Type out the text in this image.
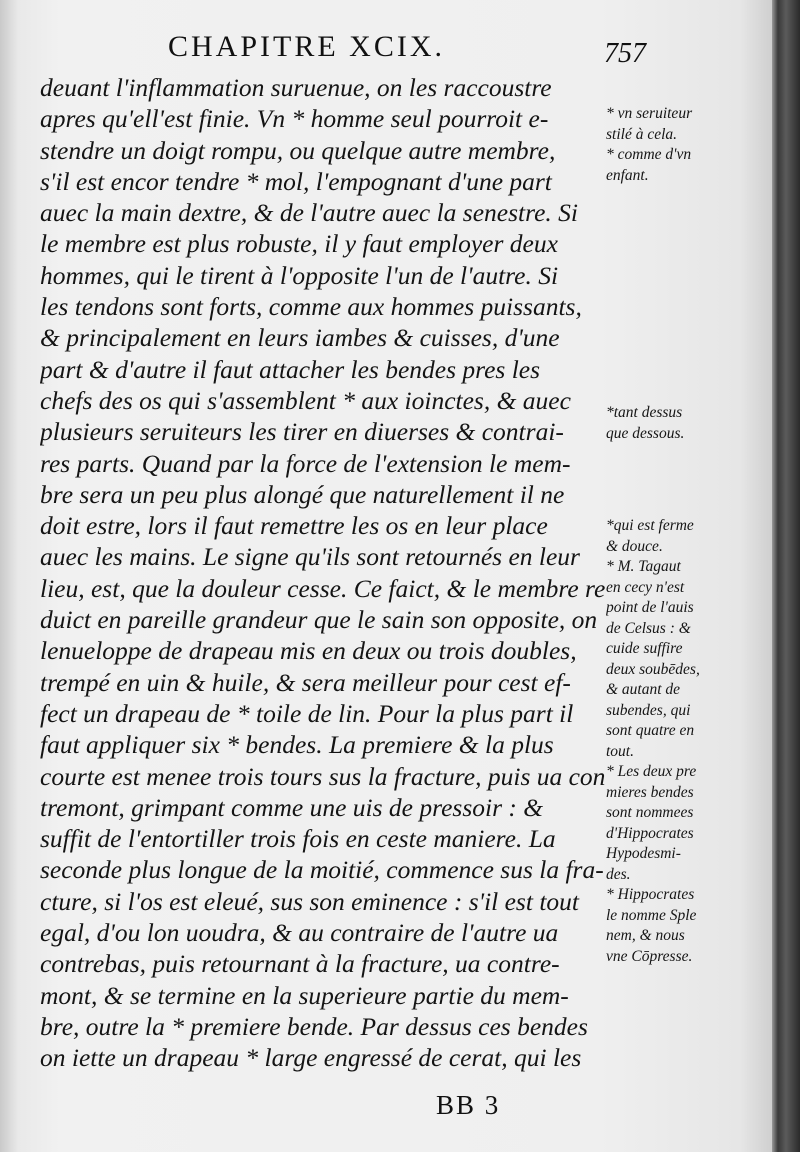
CHAPITRE XCIX.	757
deuant l'inflammation suruenue, on les raccoustre
apres qu'ell'est finie. Vn * homme seul pourroit e-
stendre un doigt rompu, ou quelque autre membre,
s'il est encor tendre * mol, l'empognant d'une part
auec la main dextre, & de l'autre auec la senestre. Si
le membre est plus robuste, il y faut employer deux
hommes, qui le tirent à l'opposite l'un de l'autre. Si
les tendons sont forts, comme aux hommes puissants,
& principalement en leurs iambes & cuisses, d'une
part & d'autre il faut attacher les bendes pres les
chefs des os qui s'assemblent * aux ioinctes, & auec
plusieurs seruiteurs les tirer en diuerses & contrai-
res parts. Quand par la force de l'extension le mem-
bre sera un peu plus alongé que naturellement il ne
doit estre, lors il faut remettre les os en leur place
auec les mains. Le signe qu'ils sont retournés en leur
lieu, est, que la douleur cesse. Ce faict, & le membre re
duict en pareille grandeur que le sain son opposite, on
lenueloppe de drapeau mis en deux ou trois doubles,
trempé en uin & huile, & sera meilleur pour cest ef-
fect un drapeau de * toile de lin. Pour la plus part il
faut appliquer six * bendes. La premiere & la plus
courte est menee trois tours sus la fracture, puis ua con
tremont, grimpant comme une uis de pressoir : &
suffit de l'entortiller trois fois en ceste maniere. La
seconde plus longue de la moitié, commence sus la fra-
cture, si l'os est eleué, sus son eminence : s'il est tout
egal, d'ou lon uoudra, & au contraire de l'autre ua
contrebas, puis retournant à la fracture, ua contre-
mont, & se termine en la superieure partie du mem-
bre, outre la * premiere bende. Par dessus ces bendes
on iette un drapeau * large engressé de cerat, qui les
* vn seruiteur
stilé à cela.
* comme d'vn
enfant.
*tant dessus
que dessous.
*qui est ferme
& douce.
* M. Tagaut
en cecy n'est
point de l'auis
de Celsus : &
cuide suffire
deux soubēdes,
& autant de
subendes, qui
sont quatre en
tout.
* Les deux pre
mieres bendes
sont nommees
d'Hippocrates
Hypodesmi-
des.
* Hippocrates
le nomme Sple
nem, & nous
vne Cōpresse.
BB 3
